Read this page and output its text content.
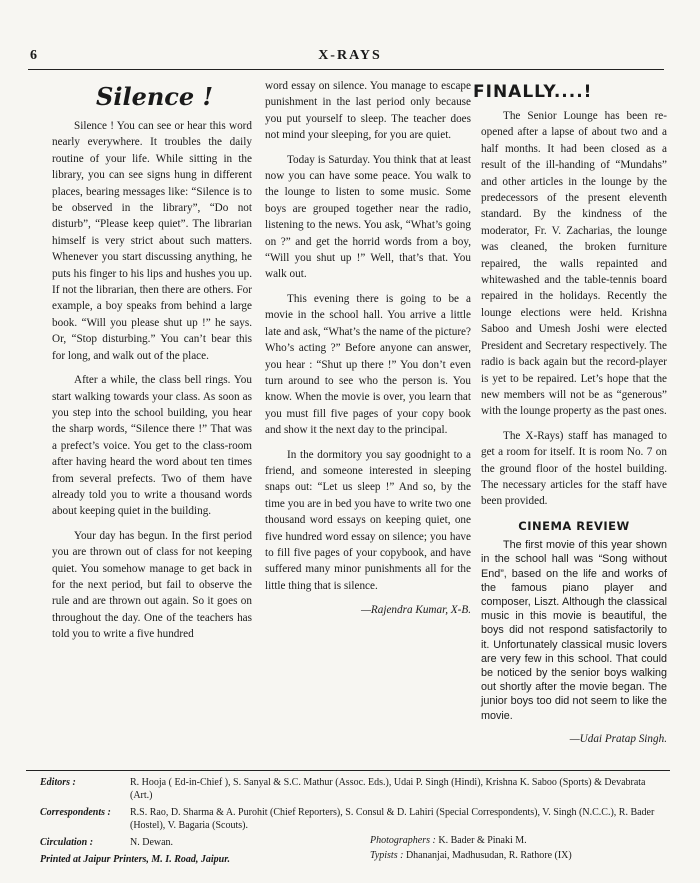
6	X-RAYS
Silence !

Silence ! You can see or hear this word nearly everywhere. It troubles the daily routine of your life. While sitting in the library, you can see signs hung in different places, bearing messages like: “Silence is to be observed in the library”, “Do not disturb”, “Please keep quiet”. The librarian himself is very strict about such matters. Whenever you start discussing anything, he puts his finger to his lips and hushes you up. If not the librarian, then there are others. For example, a boy speaks from behind a large book. “Will you please shut up !” he says. Or, “Stop disturbing.” You can’t bear this for long, and walk out of the place.

After a while, the class bell rings. You start walking towards your class. As soon as you step into the school building, you hear the sharp words, “Silence there !” That was a prefect’s voice. You get to the class-room after having heard the word about ten times from several prefects. Two of them have already told you to write a thousand words about keeping quiet in the building.

Your day has begun. In the first period you are thrown out of class for not keeping quiet. You somehow manage to get back in for the next period, but fail to observe the rule and are thrown out again. So it goes on throughout the day. One of the teachers has told you to write a five hundred

word essay on silence. You manage to escape punishment in the last period only because you put yourself to sleep. The teacher does not mind your sleeping, for you are quiet.

Today is Saturday. You think that at least now you can have some peace. You walk to the lounge to listen to some music. Some boys are grouped together near the radio, listening to the news. You ask, “What’s going on ?” and get the horrid words from a boy, “Will you shut up !” Well, that’s that. You walk out.

This evening there is going to be a movie in the school hall. You arrive a little late and ask, “What’s the name of the picture? Who’s acting ?” Before anyone can answer, you hear : “Shut up there !” You don’t even turn around to see who the person is. You know. When the movie is over, you learn that you must fill five pages of your copy book and show it the next day to the principal.

In the dormitory you say goodnight to a friend, and someone interested in sleeping snaps out: “Let us sleep !” And so, by the time you are in bed you have to write two one thousand word essays on keeping quiet, one five hundred word essay on silence; you have to fill five pages of your copybook, and have suffered many minor punishments all for the little thing that is silence.

—Rajendra Kumar, X-B.
FINALLY....!

The Senior Lounge has been re-opened after a lapse of about two and a half months. It had been closed as a result of the ill-handing of “Mundahs” and other articles in the lounge by the predecessors of the present eleventh standard. By the kindness of the moderator, Fr. V. Zacharias, the lounge was cleaned, the broken furniture repaired, the walls repainted and whitewashed and the table-tennis board repaired in the holidays. Recently the lounge elections were held. Krishna Saboo and Umesh Joshi were elected President and Secretary respectively. The radio is back again but the record-player is yet to be repaired. Let’s hope that the new members will not be as “generous” with the lounge property as the past ones.

The X-Rays) staff has managed to get a room for itself. It is room No. 7 on the ground floor of the hostel building. The necessary articles for the staff have been provided.

CINEMA REVIEW

The first movie of this year shown in the school hall was “Song without End”, based on the life and works of the famous piano player and composer, Liszt. Although the classical music in this movie is beautiful, the boys did not respond satisfactorily to it. Unfortunately classical music lovers are very few in this school. That could be noticed by the senior boys walking out shortly after the movie began. The junior boys too did not seem to like the movie.

—Udai Pratap Singh.
Editors :	R. Hooja ( Ed-in-Chief ), S. Sanyal & S.C. Mathur (Assoc. Eds.), Udai P. Singh (Hindi), Krishna K. Saboo (Sports) & Devabrata (Art.)
Correspondents :	R.S. Rao, D. Sharma & A. Purohit (Chief Reporters), S. Consul & D. Lahiri (Special Correspondents), V. Singh (N.C.C.), R. Bader (Hostel), V. Bagaria (Scouts).
Circulation :	N. Dewan.	Photographers : K. Bader & Pinaki M.
Typists : Dhananjai, Madhusudan, R. Rathore (IX)
Printed at Jaipur Printers, M. I. Road, Jaipur.
